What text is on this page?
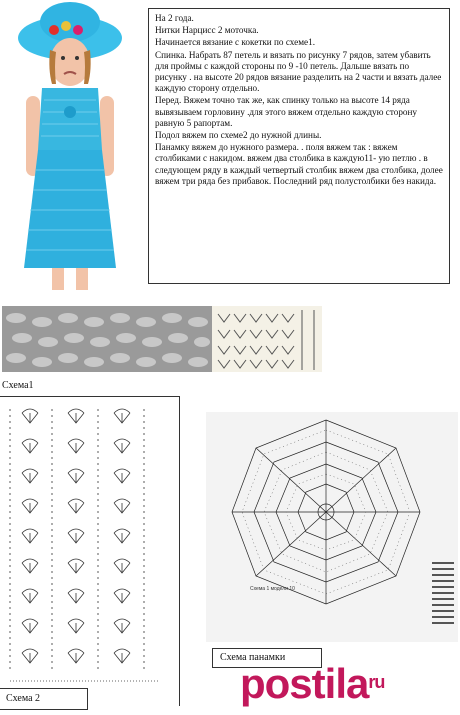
На 2 года.

Нитки Нарцисс 2 моточка.

Начинается вязание с кокетки по схеме1.

Спинка. Набрать 87 петель и вязать по рисунку 7 рядов, затем убавить для проймы с каждой стороны по 9 -10 петель. Дальше вязать по рисунку . на высоте 20 рядов вязание разделить на 2 части и вязать далее каждую сторону отдельно.

Перед. Вяжем точно так же, как спинку только на высоте 14 ряда вывязываем горловину .для этого вяжем отдельно каждую сторону равную 5 рапортам.

Подол вяжем по схеме2 до нужной длины.

Панамку вяжем до нужного размера. . поля вяжем так : вяжем столбиками с накидом. вяжем два столбика в каждую11- ую петлю . в следующем ряду в каждый четвертый столбик вяжем два столбика, долее вяжем три ряда без прибавок. Последний ряд полустолбики без накида.

Схема1
Схема 2
Схема 1 модели 10
Схема панамки
postila$^{ru}$
